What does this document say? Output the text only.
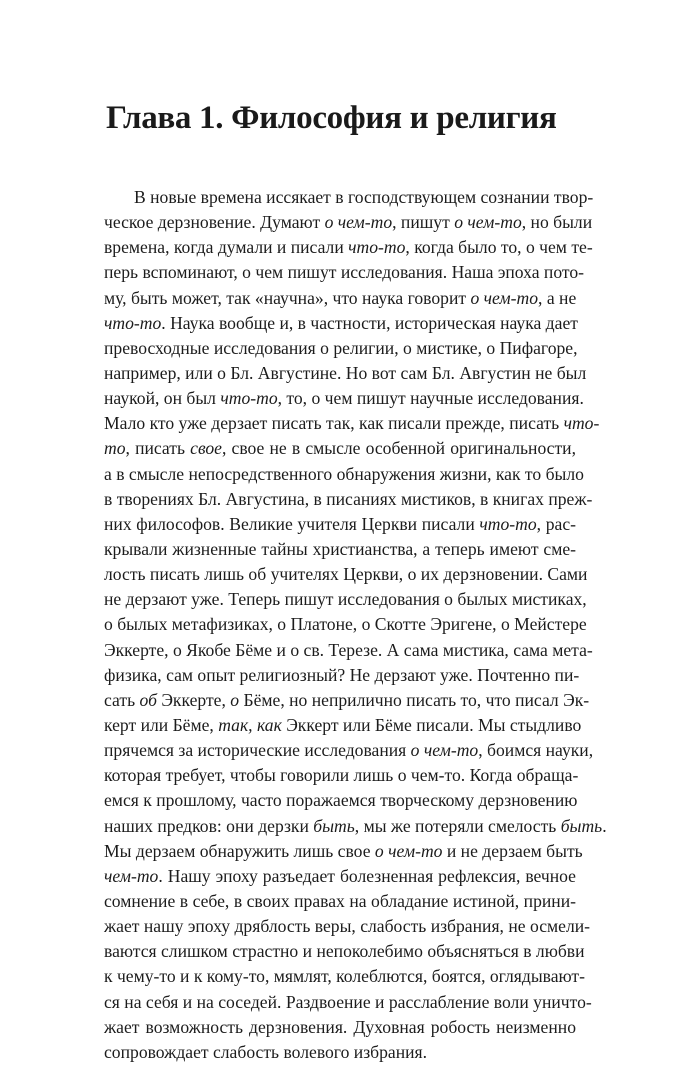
Глава 1. Философия и религия
В новые времена иссякает в господствующем сознании твор-
ческое дерзновение. Думают о чем-то, пишут о чем-то, но были
времена, когда думали и писали что-то, когда было то, о чем те-
перь вспоминают, о чем пишут исследования. Наша эпоха пото-
му, быть может, так «научна», что наука говорит о чем-то, а не
что-то. Наука вообще и, в частности, историческая наука дает
превосходные исследования о религии, о мистике, о Пифагоре,
например, или о Бл. Августине. Но вот сам Бл. Августин не был
наукой, он был что-то, то, о чем пишут научные исследования.
Мало кто уже дерзает писать так, как писали прежде, писать что-
то, писать свое, свое не в смысле особенной оригинальности,
а в смысле непосредственного обнаружения жизни, как то было
в творениях Бл. Августина, в писаниях мистиков, в книгах преж-
них философов. Великие учителя Церкви писали что-то, рас-
крывали жизненные тайны христианства, а теперь имеют сме-
лость писать лишь об учителях Церкви, о их дерзновении. Сами
не дерзают уже. Теперь пишут исследования о былых мистиках,
о былых метафизиках, о Платоне, о Скотте Эригене, о Мейстере
Эккерте, о Якобе Бёме и о св. Терезе. А сама мистика, сама мета-
физика, сам опыт религиозный? Не дерзают уже. Почтенно пи-
сать об Эккерте, о Бёме, но неприлично писать то, что писал Эк-
керт или Бёме, так, как Эккерт или Бёме писали. Мы стыдливо
прячемся за исторические исследования о чем-то, боимся науки,
которая требует, чтобы говорили лишь о чем-то. Когда обраща-
емся к прошлому, часто поражаемся творческому дерзновению
наших предков: они дерзки быть, мы же потеряли смелость быть.
Мы дерзаем обнаружить лишь свое о чем-то и не дерзаем быть
чем-то. Нашу эпоху разъедает болезненная рефлексия, вечное
сомнение в себе, в своих правах на обладание истиной, прини-
жает нашу эпоху дряблость веры, слабость избрания, не осмели-
ваются слишком страстно и непоколебимо объясняться в любви
к чему-то и к кому-то, мямлят, колеблются, боятся, оглядывают-
ся на себя и на соседей. Раздвоение и расслабление воли уничто-
жает возможность дерзновения. Духовная робость неизменно
сопровождает слабость волевого избрания.
